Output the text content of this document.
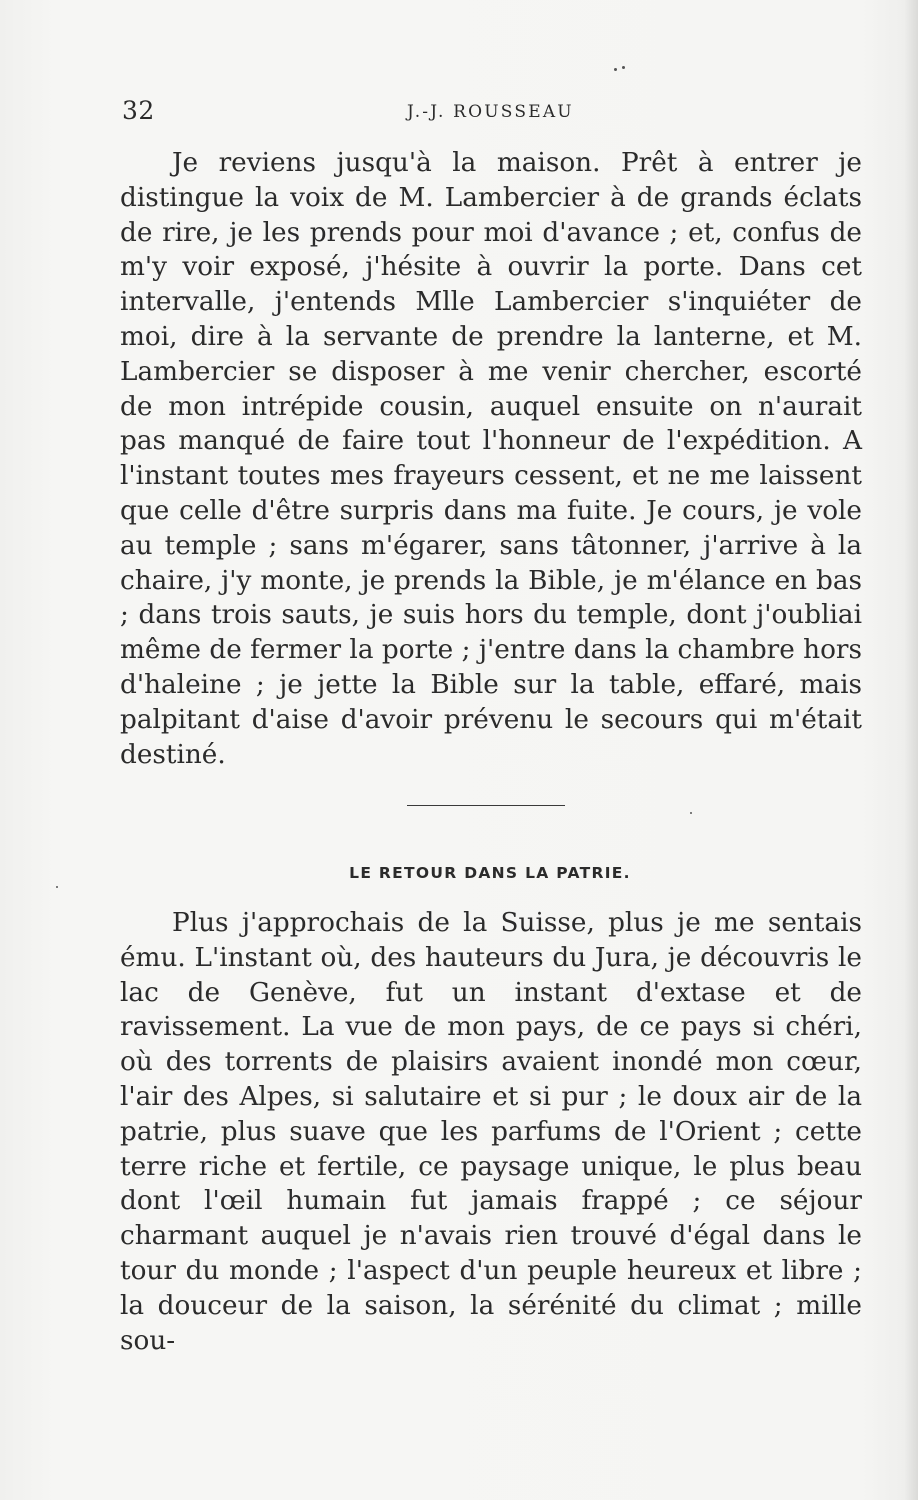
32	J.-J. ROUSSEAU

Je reviens jusqu'à la maison. Prêt à entrer je distingue la voix de M. Lambercier à de grands éclats de rire, je les prends pour moi d'avance ; et, confus de m'y voir exposé, j'hésite à ouvrir la porte. Dans cet intervalle, j'entends Mlle Lambercier s'inquiéter de moi, dire à la servante de prendre la lanterne, et M. Lambercier se disposer à me venir chercher, escorté de mon intrépide cousin, auquel ensuite on n'aurait pas manqué de faire tout l'honneur de l'expédition. A l'instant toutes mes frayeurs cessent, et ne me laissent que celle d'être surpris dans ma fuite. Je cours, je vole au temple ; sans m'égarer, sans tâtonner, j'arrive à la chaire, j'y monte, je prends la Bible, je m'élance en bas ; dans trois sauts, je suis hors du temple, dont j'oubliai même de fermer la porte ; j'entre dans la chambre hors d'haleine ; je jette la Bible sur la table, effaré, mais palpitant d'aise d'avoir prévenu le secours qui m'était destiné.

LE RETOUR DANS LA PATRIE.

Plus j'approchais de la Suisse, plus je me sentais ému. L'instant où, des hauteurs du Jura, je découvris le lac de Genève, fut un instant d'extase et de ravissement. La vue de mon pays, de ce pays si chéri, où des torrents de plaisirs avaient inondé mon cœur, l'air des Alpes, si salutaire et si pur ; le doux air de la patrie, plus suave que les parfums de l'Orient ; cette terre riche et fertile, ce paysage unique, le plus beau dont l'œil humain fut jamais frappé ; ce séjour charmant auquel je n'avais rien trouvé d'égal dans le tour du monde ; l'aspect d'un peuple heureux et libre ; la douceur de la saison, la sérénité du climat ; mille sou-
